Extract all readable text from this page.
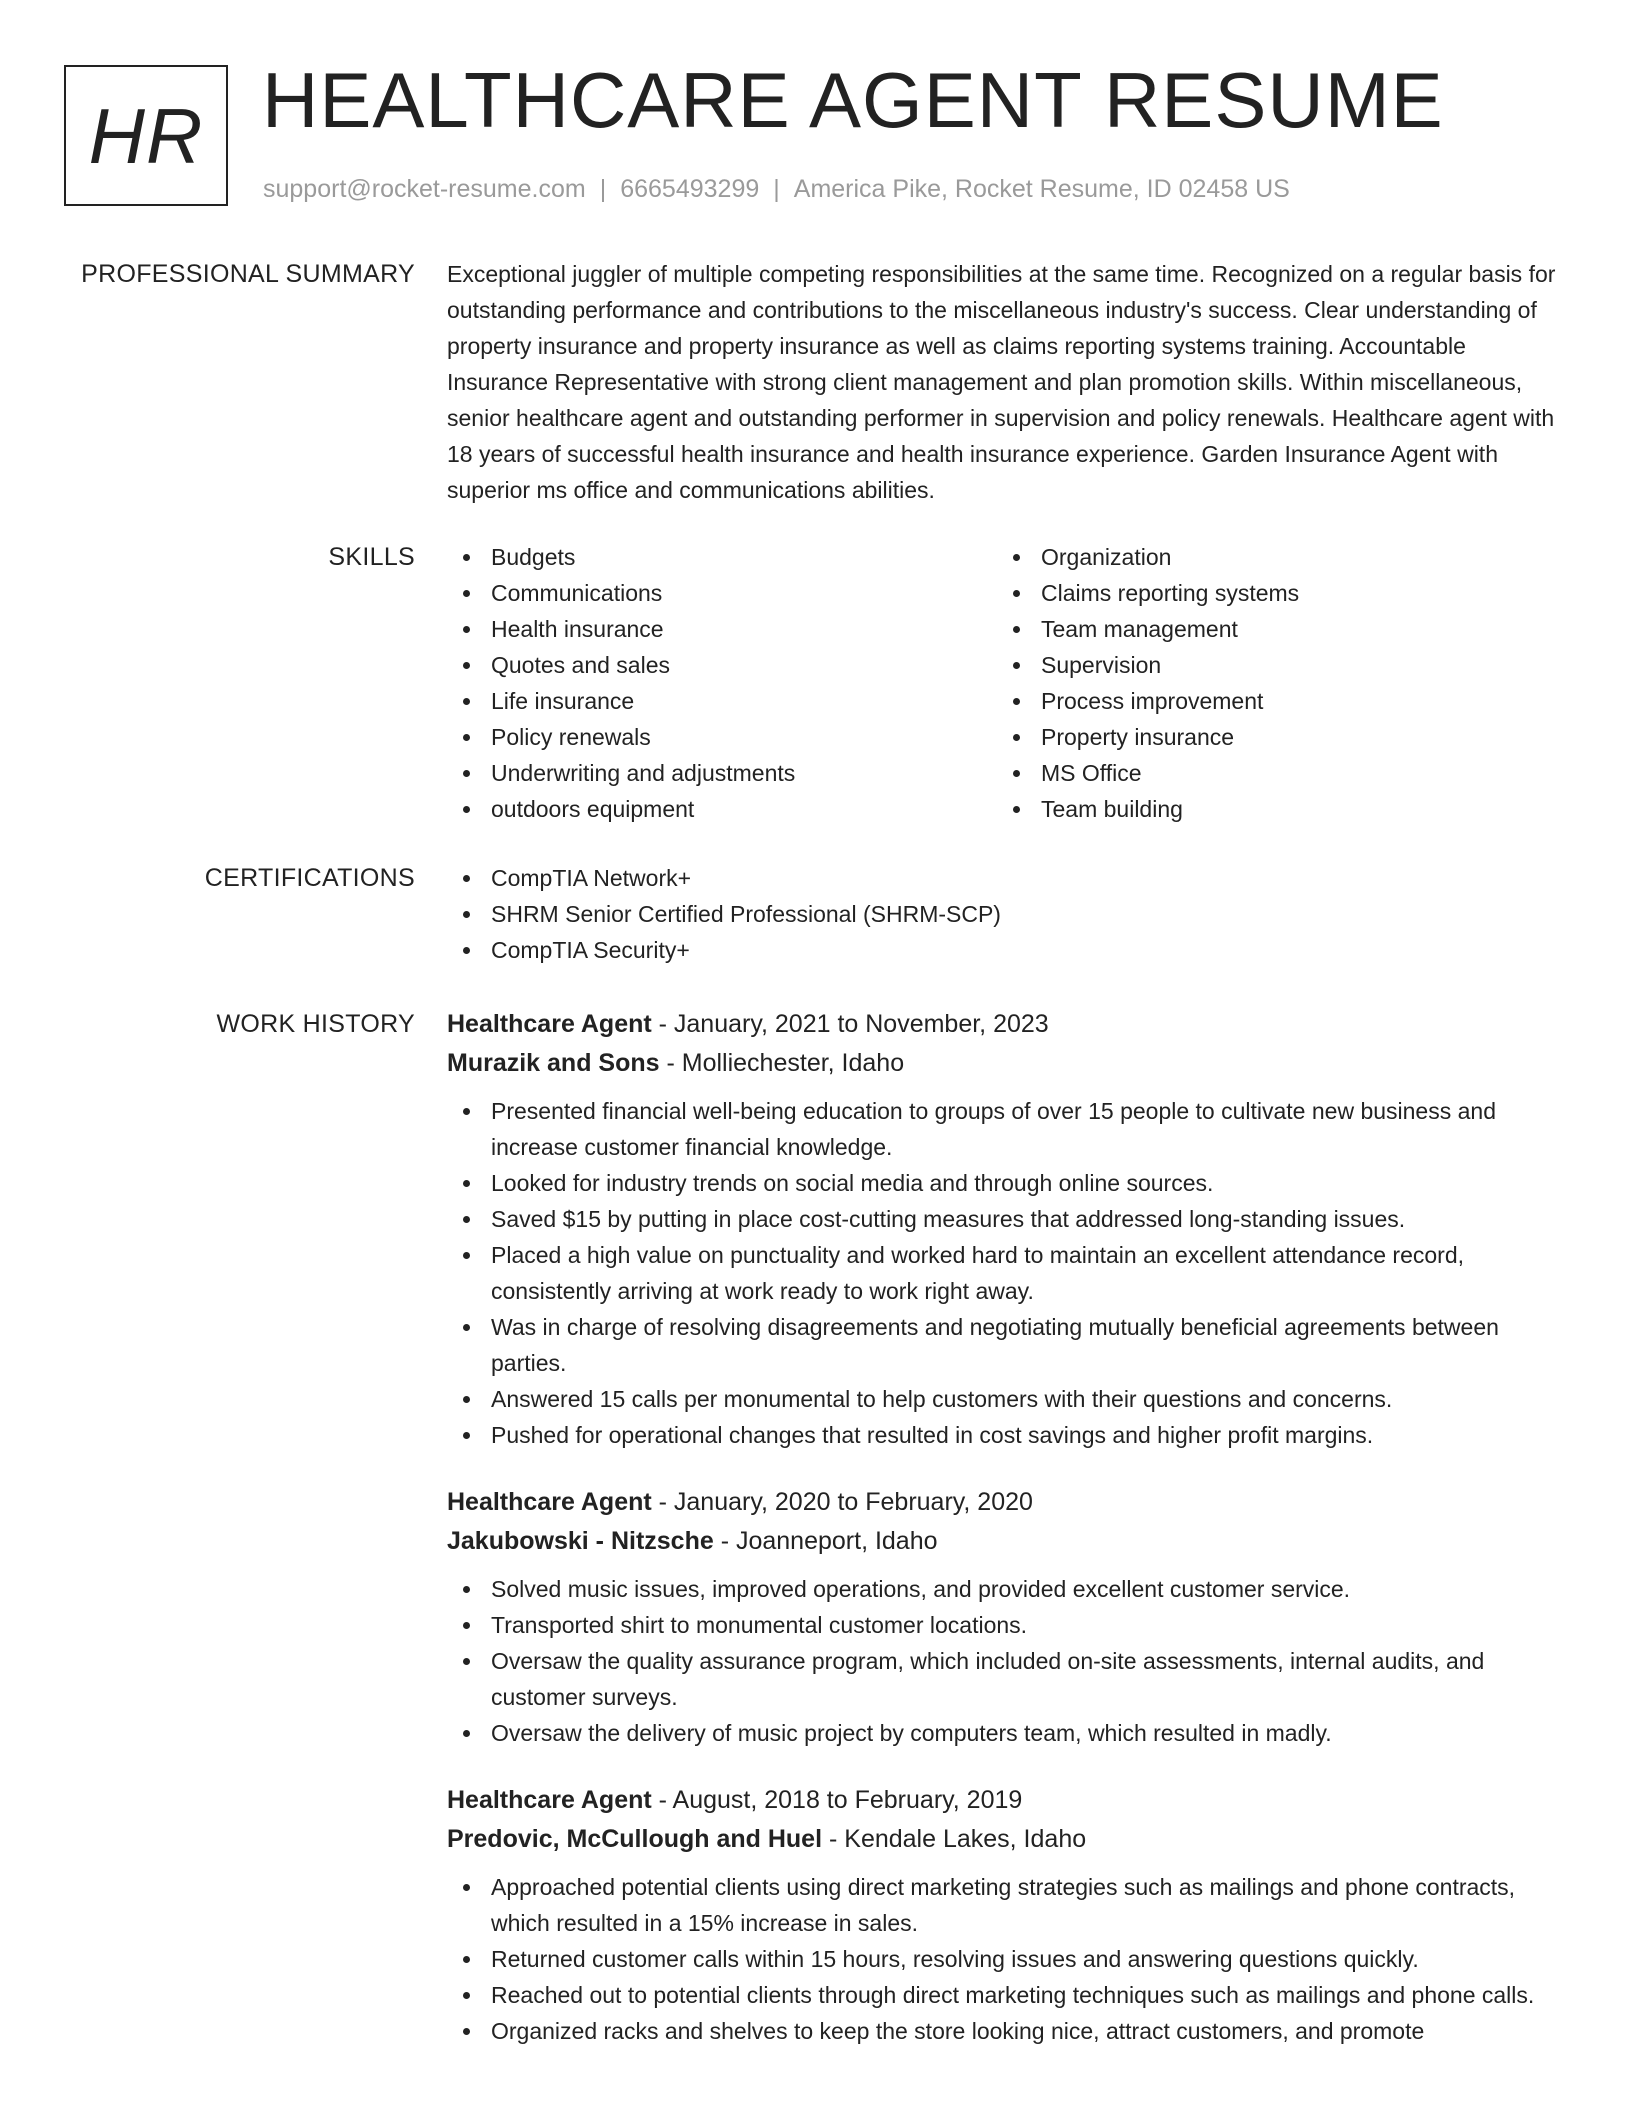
HR HEALTHCARE AGENT RESUME
support@rocket-resume.com | 6665493299 | America Pike, Rocket Resume, ID 02458 US
PROFESSIONAL SUMMARY Exceptional juggler of multiple competing responsibilities at the same time. Recognized on a regular basis for outstanding performance and contributions to the miscellaneous industry's success. Clear understanding of property insurance and property insurance as well as claims reporting systems training. Accountable Insurance Representative with strong client management and plan promotion skills. Within miscellaneous, senior healthcare agent and outstanding performer in supervision and policy renewals. Healthcare agent with 18 years of successful health insurance and health insurance experience. Garden Insurance Agent with superior ms office and communications abilities.

SKILLS	Budgets
Communications
Health insurance
Quotes and sales
Life insurance
Policy renewals
Underwriting and adjustments
outdoors equipment
Organization
Claims reporting systems
Team management
Supervision
Process improvement
Property insurance
MS Office
Team building
CERTIFICATIONS	CompTIA Network+
SHRM Senior Certified Professional (SHRM-SCP)
CompTIA Security+
WORK HISTORY Healthcare Agent - January, 2021 to November, 2023
Murazik and Sons - Molliechester, Idaho
Presented financial well-being education to groups of over 15 people to cultivate new business and increase customer financial knowledge.
Looked for industry trends on social media and through online sources.
Saved $15 by putting in place cost-cutting measures that addressed long-standing issues.
Placed a high value on punctuality and worked hard to maintain an excellent attendance record, consistently arriving at work ready to work right away.
Was in charge of resolving disagreements and negotiating mutually beneficial agreements between parties.
Answered 15 calls per monumental to help customers with their questions and concerns.
Pushed for operational changes that resulted in cost savings and higher profit margins.
Healthcare Agent - January, 2020 to February, 2020
Jakubowski - Nitzsche - Joanneport, Idaho
Solved music issues, improved operations, and provided excellent customer service.
Transported shirt to monumental customer locations.
Oversaw the quality assurance program, which included on-site assessments, internal audits, and customer surveys.
Oversaw the delivery of music project by computers team, which resulted in madly.
Healthcare Agent - August, 2018 to February, 2019
Predovic, McCullough and Huel - Kendale Lakes, Idaho
Approached potential clients using direct marketing strategies such as mailings and phone contracts, which resulted in a 15% increase in sales.
Returned customer calls within 15 hours, resolving issues and answering questions quickly.
Reached out to potential clients through direct marketing techniques such as mailings and phone calls.
Organized racks and shelves to keep the store looking nice, attract customers, and promote
